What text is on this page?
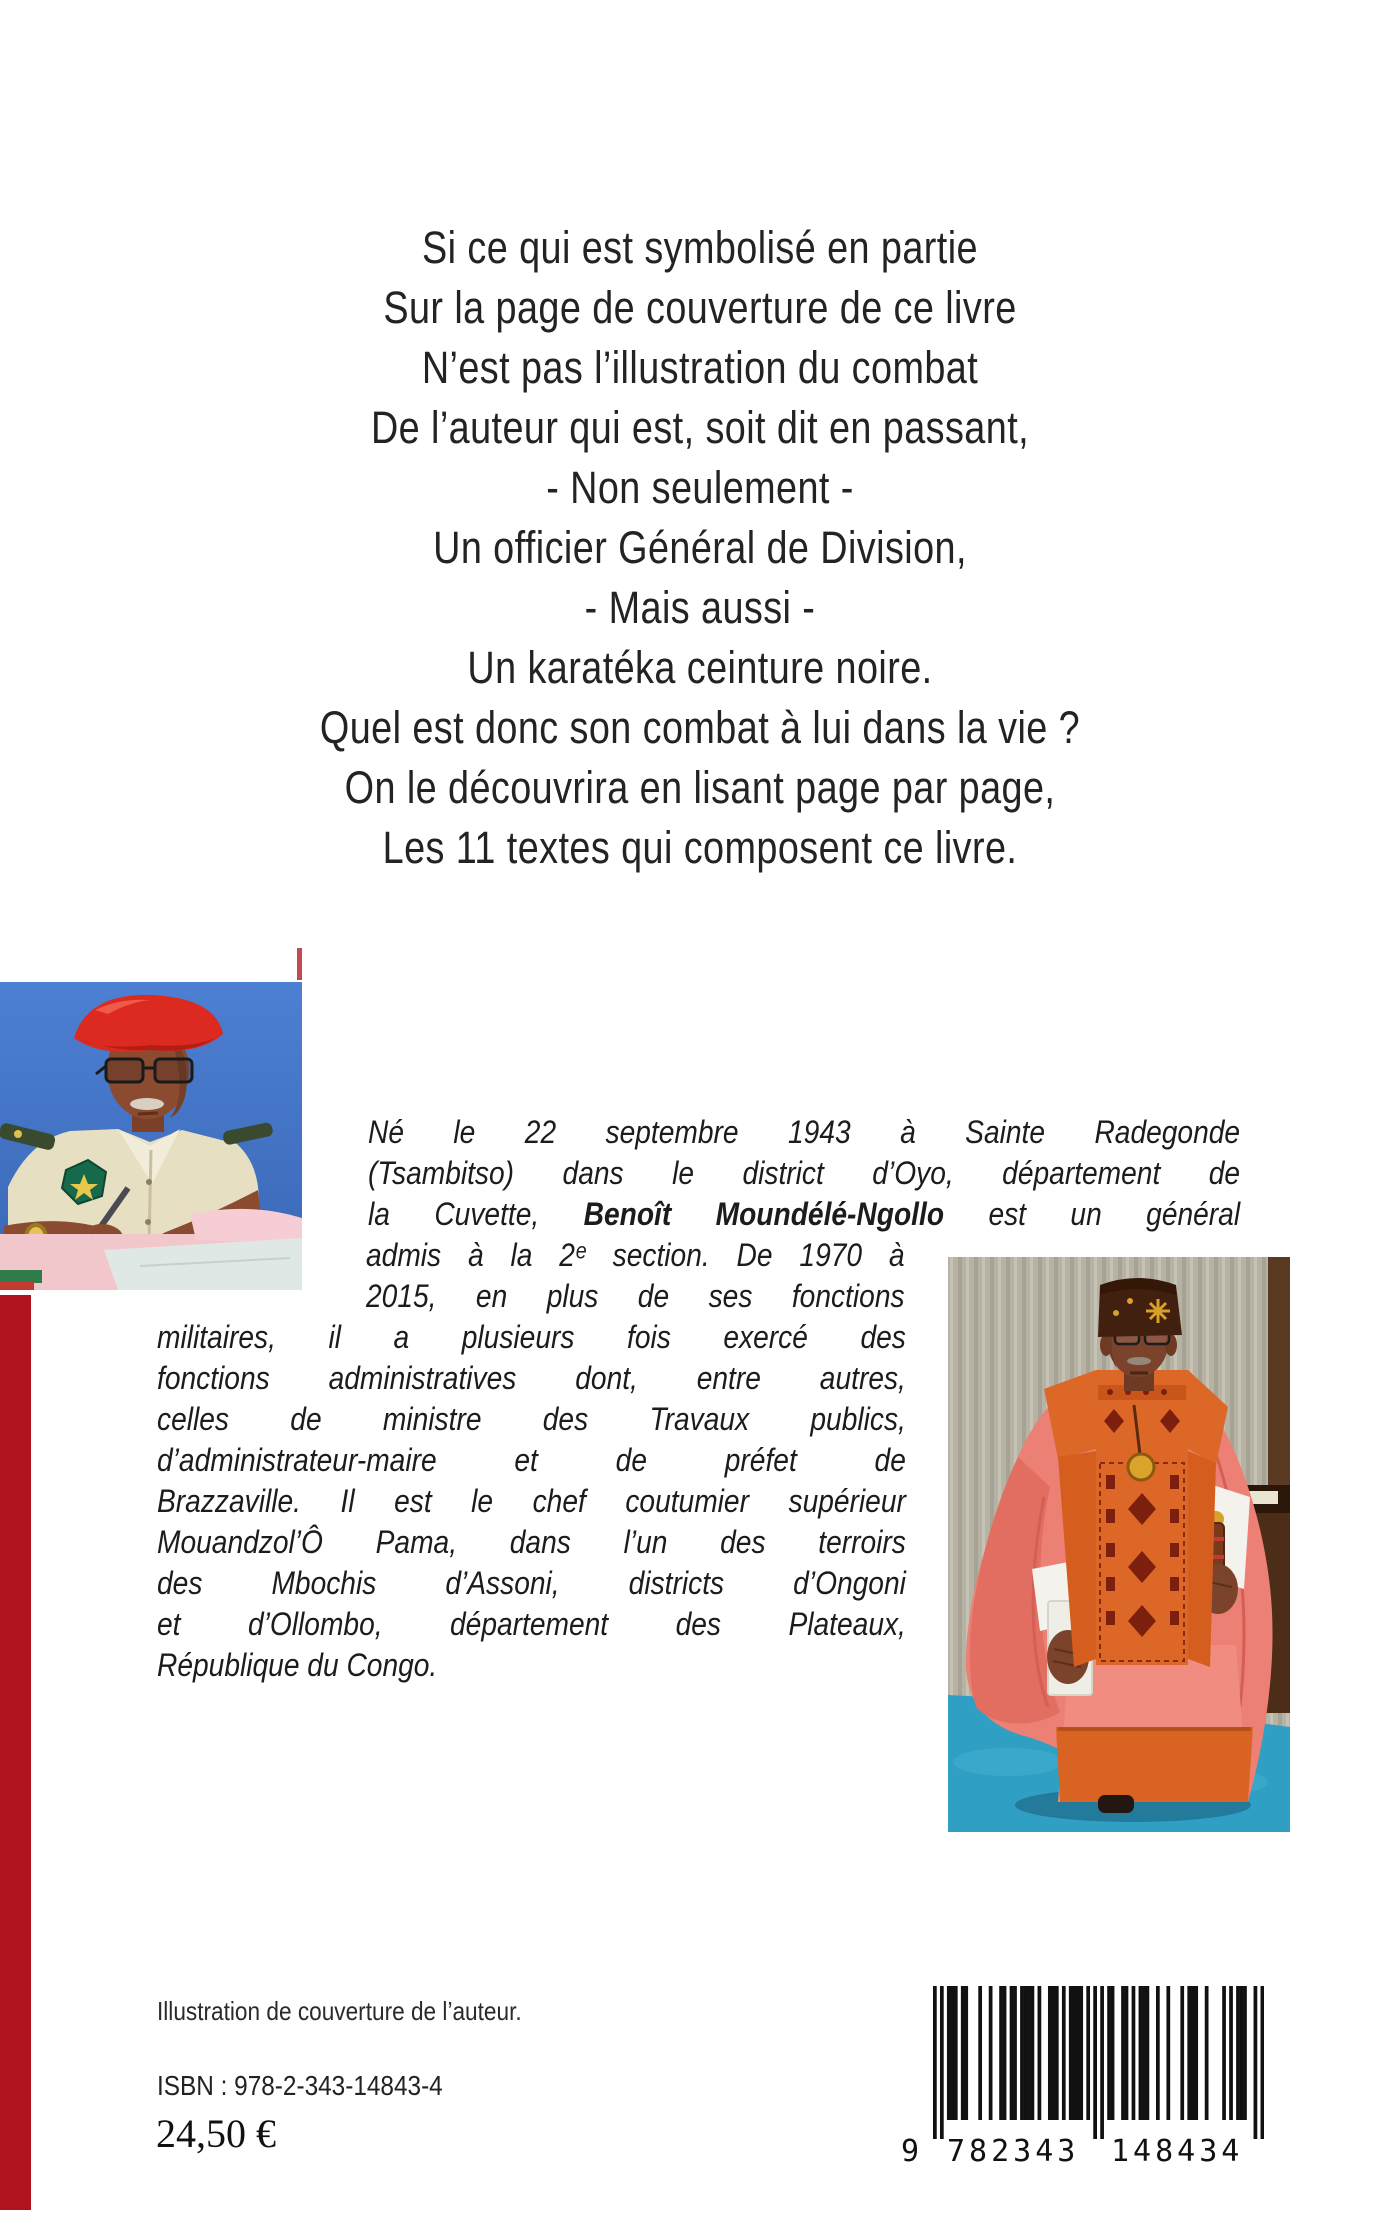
Si ce qui est symbolisé en partie
Sur la page de couverture de ce livre
N’est pas l’illustration du combat
De l’auteur qui est, soit dit en passant,
- Non seulement -
Un officier Général de Division,
- Mais aussi -
Un karatéka ceinture noire.
Quel est donc son combat à lui dans la vie ?
On le découvrira en lisant page par page,
Les 11 textes qui composent ce livre.
Né le 22 septembre 1943 à Sainte Radegonde
(Tsambitso) dans le district d’Oyo, département de
la Cuvette, Benoît Moundélé-Ngollo est un général
admis à la 2ᵉ section. De 1970 à
2015, en plus de ses fonctions
militaires, il a plusieurs fois exercé des
fonctions administratives dont, entre autres,
celles de ministre des Travaux publics,
d’administrateur-maire et de préfet de
Brazzaville. Il est le chef coutumier supérieur
Mouandzol’Ô Pama, dans l’un des terroirs
des Mbochis d’Assoni, districts d’Ongoni
et d’Ollombo, département des Plateaux,
République du Congo.
Illustration de couverture de l’auteur.
ISBN : 978-2-343-14843-4
24,50 €	9 782343 148434
